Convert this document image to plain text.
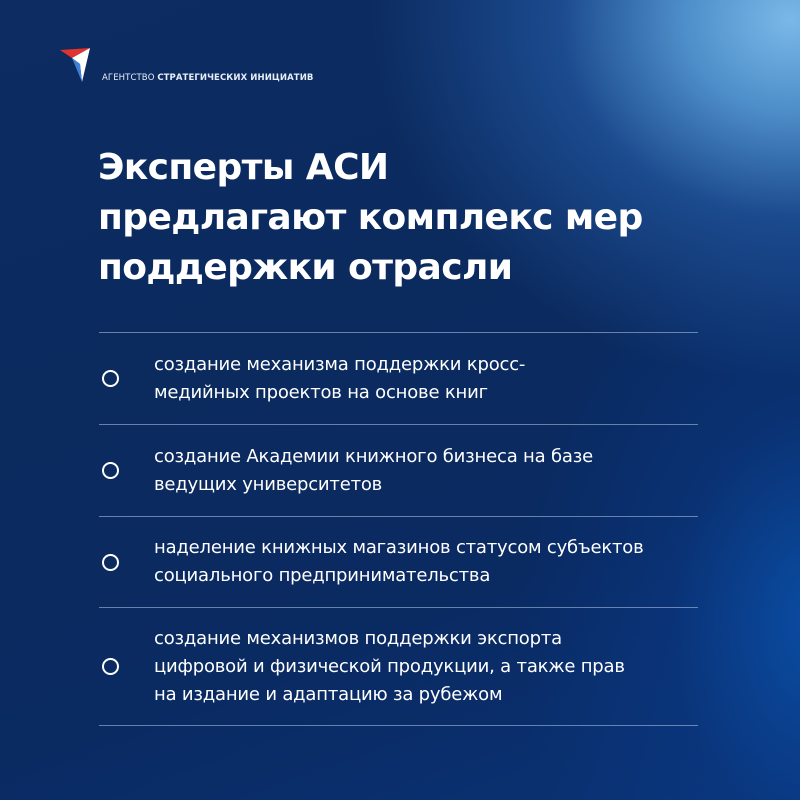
АГЕНТСТВО СТРАТЕГИЧЕСКИХ ИНИЦИАТИВ
Эксперты АСИ
предлагают комплекс мер
поддержки отрасли
создание механизма поддержки кросс-
медийных проектов на основе книг
создание Академии книжного бизнеса на базе
ведущих университетов
наделение книжных магазинов статусом субъектов
социального предпринимательства
создание механизмов поддержки экспорта
цифровой и физической продукции, а также прав
на издание и адаптацию за рубежом
